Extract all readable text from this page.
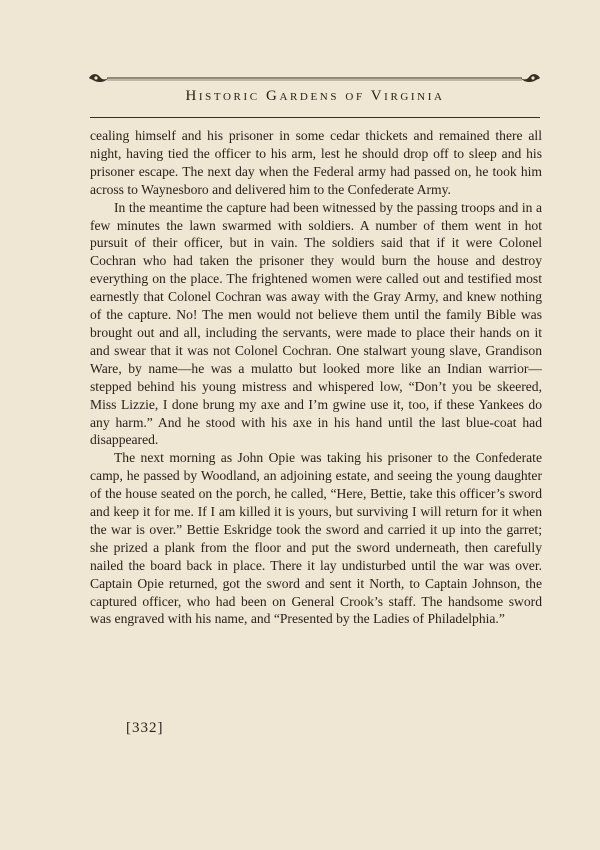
Historic Gardens of Virginia

cealing himself and his prisoner in some cedar thickets and remained there all night, having tied the officer to his arm, lest he should drop off to sleep and his prisoner escape. The next day when the Federal army had passed on, he took him across to Waynesboro and delivered him to the Confederate Army.

In the meantime the capture had been witnessed by the passing troops and in a few minutes the lawn swarmed with soldiers. A number of them went in hot pursuit of their officer, but in vain. The soldiers said that if it were Colonel Cochran who had taken the prisoner they would burn the house and destroy everything on the place. The frightened women were called out and testified most earnestly that Colonel Cochran was away with the Gray Army, and knew nothing of the capture. No! The men would not believe them until the family Bible was brought out and all, including the servants, were made to place their hands on it and swear that it was not Colonel Cochran. One stalwart young slave, Grandison Ware, by name—he was a mulatto but looked more like an Indian warrior—stepped behind his young mistress and whispered low, “Don’t you be skeered, Miss Lizzie, I done brung my axe and I’m gwine use it, too, if these Yankees do any harm.” And he stood with his axe in his hand until the last blue-coat had disappeared.

The next morning as John Opie was taking his prisoner to the Confederate camp, he passed by Woodland, an adjoining estate, and seeing the young daughter of the house seated on the porch, he called, “Here, Bettie, take this officer’s sword and keep it for me. If I am killed it is yours, but surviving I will return for it when the war is over.” Bettie Eskridge took the sword and carried it up into the garret; she prized a plank from the floor and put the sword underneath, then carefully nailed the board back in place. There it lay undisturbed until the war was over. Captain Opie returned, got the sword and sent it North, to Captain Johnson, the captured officer, who had been on General Crook’s staff. The handsome sword was engraved with his name, and “Presented by the Ladies of Philadelphia.”

[332]
